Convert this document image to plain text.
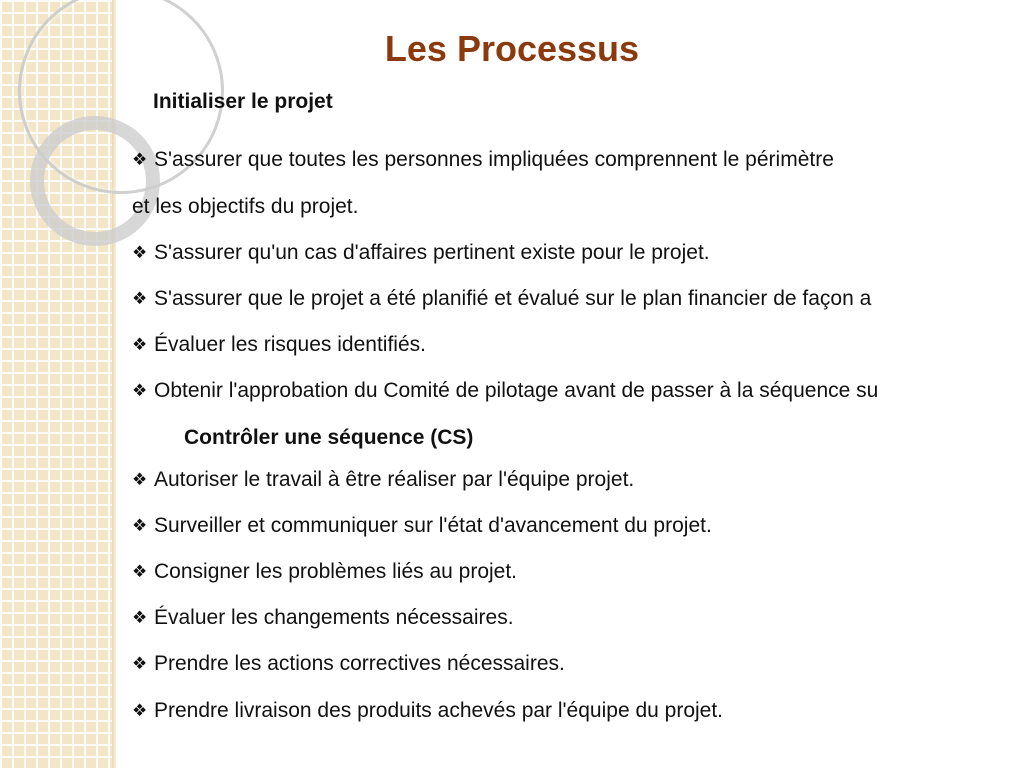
Les Processus

Initialiser le projet

❖ S'assurer que toutes les personnes impliquées comprennent le périmètre

et les objectifs du projet.

❖ S'assurer qu'un cas d'affaires pertinent existe pour le projet.

❖ S'assurer que le projet a été planifié et évalué sur le plan financier de façon a

❖ Évaluer les risques identifiés.

❖ Obtenir l'approbation du Comité de pilotage avant de passer à la séquence su

Contrôler une séquence (CS)

❖ Autoriser le travail à être réaliser par l'équipe projet.

❖ Surveiller et communiquer sur l'état d'avancement du projet.

❖ Consigner les problèmes liés au projet.

❖ Évaluer les changements nécessaires.

❖ Prendre les actions correctives nécessaires.

❖ Prendre livraison des produits achevés par l'équipe du projet.
